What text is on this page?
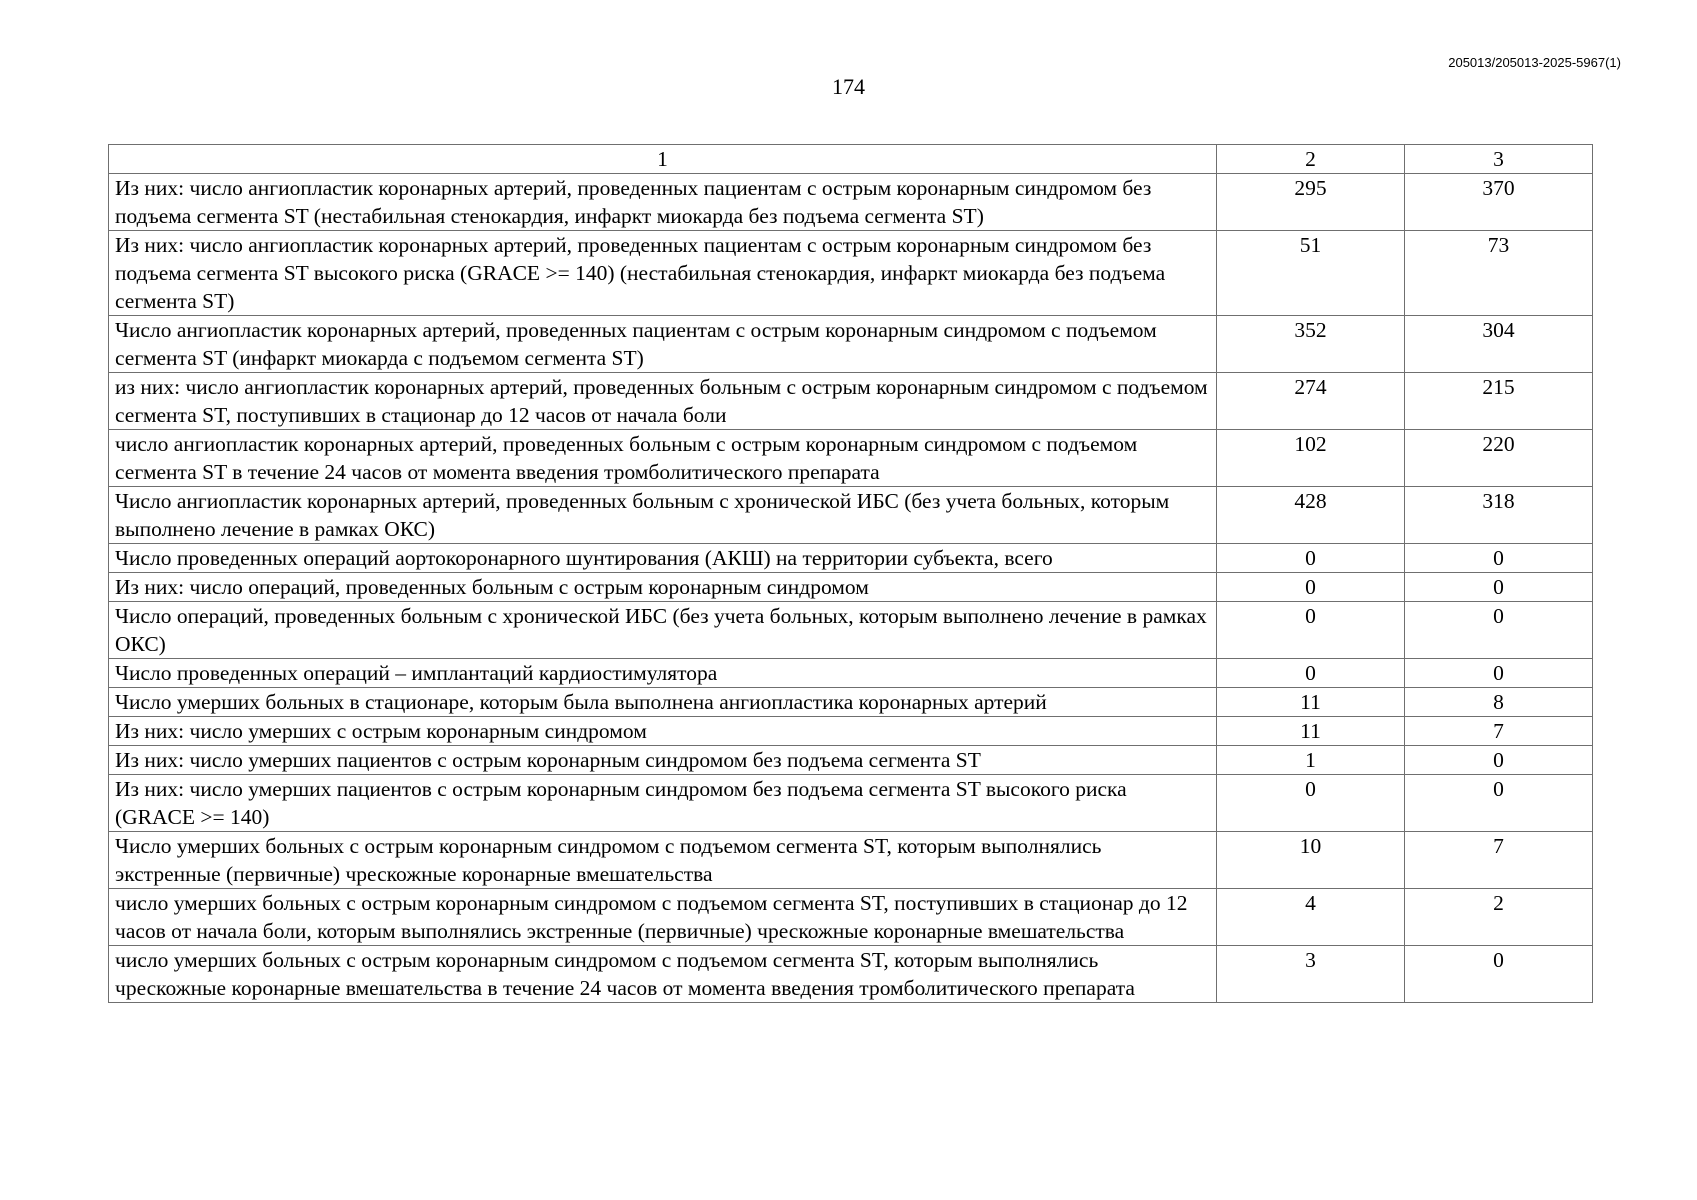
205013/205013-2025-5967(1)
174
1	2	3
Из них: число ангиопластик коронарных артерий, проведенных пациентам с острым коронарным синдромом без подъема сегмента ST (нестабильная стенокардия, инфаркт миокарда без подъема сегмента ST)	295	370
Из них: число ангиопластик коронарных артерий, проведенных пациентам с острым коронарным синдромом без подъема сегмента ST высокого риска (GRACE >= 140) (нестабильная стенокардия, инфаркт миокарда без подъема сегмента ST)	51	73
Число ангиопластик коронарных артерий, проведенных пациентам с острым коронарным синдромом с подъемом сегмента ST (инфаркт миокарда с подъемом сегмента ST)	352	304
из них: число ангиопластик коронарных артерий, проведенных больным с острым коронарным синдромом с подъемом сегмента ST, поступивших в стационар до 12 часов от начала боли	274	215
число ангиопластик коронарных артерий, проведенных больным с острым коронарным синдромом с подъемом сегмента ST в течение 24 часов от момента введения тромболитического препарата	102	220
Число ангиопластик коронарных артерий, проведенных больным с хронической ИБС (без учета больных, которым выполнено лечение в рамках ОКС)	428	318
Число проведенных операций аортокоронарного шунтирования (АКШ) на территории субъекта, всего	0	0
Из них: число операций, проведенных больным с острым коронарным синдромом	0	0
Число операций, проведенных больным с хронической ИБС (без учета больных, которым выполнено лечение в рамках ОКС)	0	0
Число проведенных операций – имплантаций кардиостимулятора	0	0
Число умерших больных в стационаре, которым была выполнена ангиопластика коронарных артерий	11	8
Из них: число умерших с острым коронарным синдромом	11	7
Из них: число умерших пациентов с острым коронарным синдромом без подъема сегмента ST	1	0
Из них: число умерших пациентов с острым коронарным синдромом без подъема сегмента ST высокого риска (GRACE >= 140)	0	0
Число умерших больных с острым коронарным синдромом с подъемом сегмента ST, которым выполнялись экстренные (первичные) чрескожные коронарные вмешательства	10	7
число умерших больных с острым коронарным синдромом с подъемом сегмента ST, поступивших в стационар до 12 часов от начала боли, которым выполнялись экстренные (первичные) чрескожные коронарные вмешательства	4	2
число умерших больных с острым коронарным синдромом с подъемом сегмента ST, которым выполнялись чрескожные коронарные вмешательства в течение 24 часов от момента введения тромболитического препарата	3	0
